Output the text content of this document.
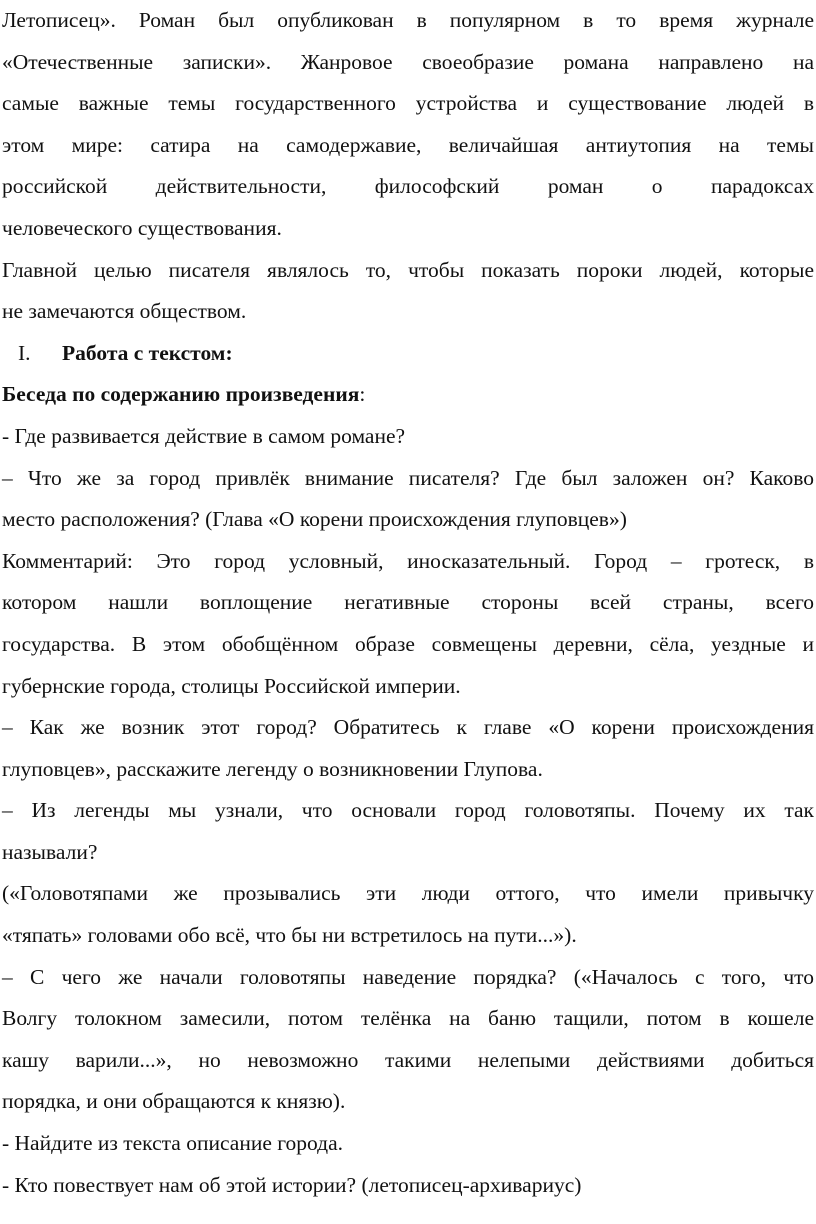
Летописец». Роман был опубликован в популярном в то время журнале
«Отечественные записки». Жанровое своеобразие романа направлено на
самые важные темы государственного устройства и существование людей в
этом мире: сатира на самодержавие, величайшая антиутопия на темы
российской действительности, философский роман о парадоксах
человеческого существования.
Главной целью писателя являлось то, чтобы показать пороки людей, которые
не замечаются обществом.
I. Работа с текстом:
Беседа по содержанию произведения:
- Где развивается действие в самом романе?
– Что же за город привлёк внимание писателя? Где был заложен он? Каково
место расположения? (Глава «О корени происхождения глуповцев»)
Комментарий: Это город условный, иносказательный. Город – гротеск, в
котором нашли воплощение негативные стороны всей страны, всего
государства. В этом обобщённом образе совмещены деревни, сёла, уездные и
губернские города, столицы Российской империи.
– Как же возник этот город? Обратитесь к главе «О корени происхождения
глуповцев», расскажите легенду о возникновении Глупова.
– Из легенды мы узнали, что основали город головотяпы. Почему их так
называли?
(«Головотяпами же прозывались эти люди оттого, что имели привычку
«тяпать» головами обо всё, что бы ни встретилось на пути...»).
– С чего же начали головотяпы наведение порядка? («Началось с того, что
Волгу толокном замесили, потом телёнка на баню тащили, потом в кошеле
кашу варили...», но невозможно такими нелепыми действиями добиться
порядка, и они обращаются к князю).
- Найдите из текста описание города.
- Кто повествует нам об этой истории? (летописец-архивариус)
